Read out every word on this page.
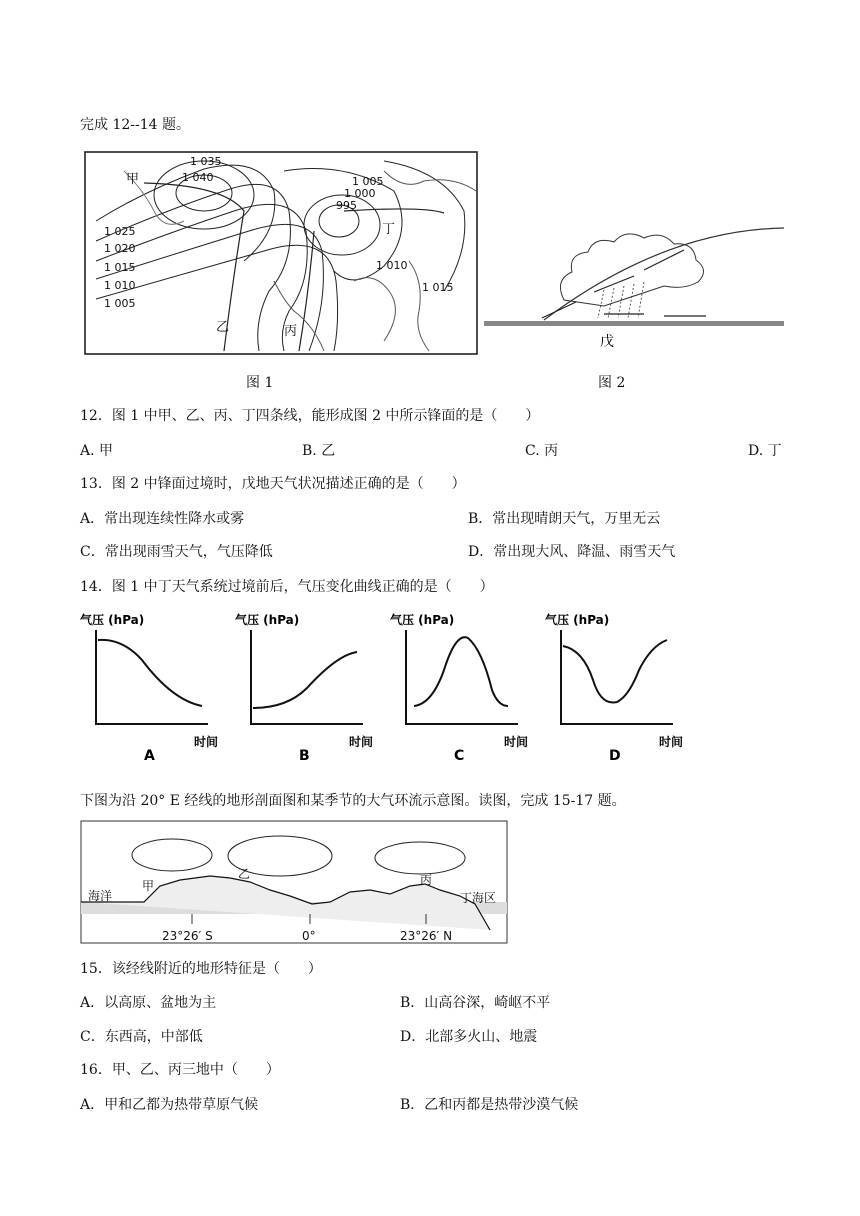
完成 12--14 题。
1 035
1 040
1 025
1 020
1 015
1 010
1 005
1 005
1 000
995
1 010
1 015
甲
乙	丙
丁
戊
图 1	图 2
12．图 1 中甲、乙、丙、丁四条线，能形成图 2 中所示锋面的是（　　）
A. 甲	B. 乙	C. 丙	D. 丁
13．图 2 中锋面过境时，戊地天气状况描述正确的是（　　）
A．常出现连续性降水或雾	B．常出现晴朗天气，万里无云
C．常出现雨雪天气，气压降低	D．常出现大风、降温、雨雪天气
14．图 1 中丁天气系统过境前后，气压变化曲线正确的是（　　）
气压 (hPa)
时间
A
气压 (hPa)
时间
B
气压 (hPa)
时间
C
气压 (hPa)
时间
D
下图为沿 20° E 经线的地形剖面图和某季节的大气环流示意图。读图，完成 15-17 题。
海洋	丁海区
甲
乙	丙
23°26′ S	0°	23°26′ N
15．该经线附近的地形特征是（　　）
A．以高原、盆地为主	B．山高谷深，崎岖不平
C．东西高，中部低	D．北部多火山、地震
16．甲、乙、丙三地中（　　）
A．甲和乙都为热带草原气候	B．乙和丙都是热带沙漠气候
